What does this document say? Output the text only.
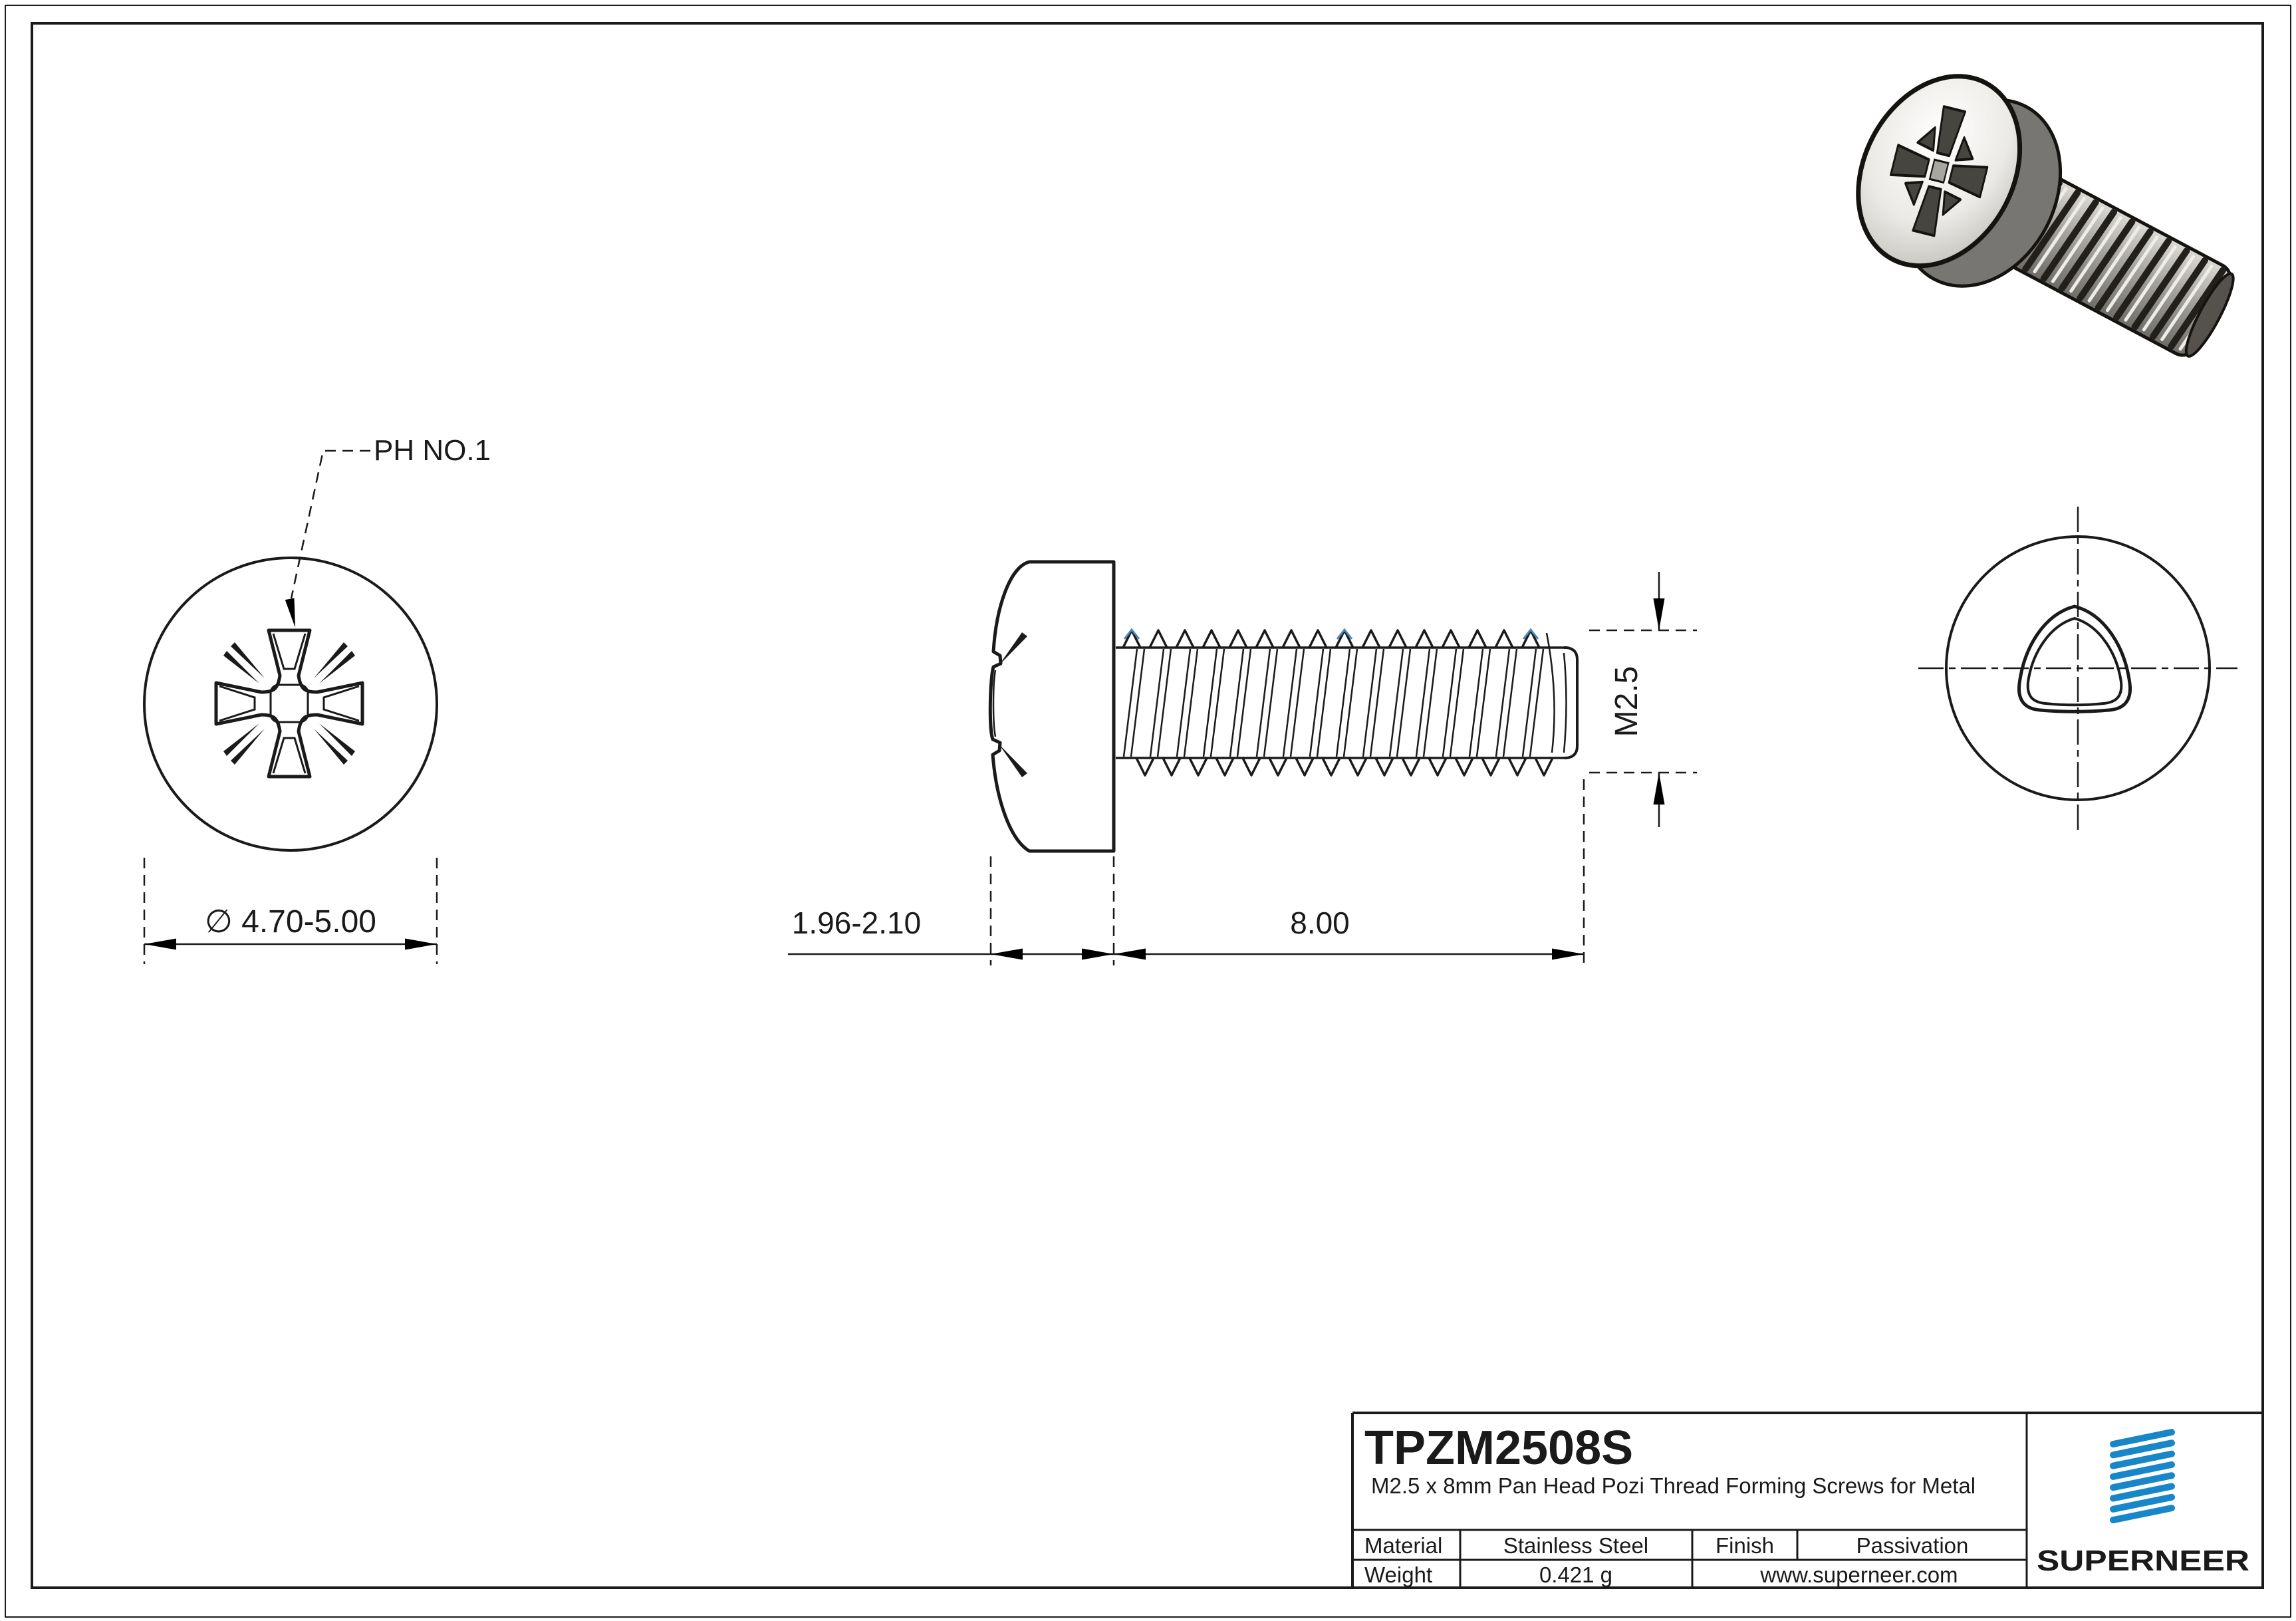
PH NO.1
∅ 4.70-5.00
M2.5
1.96-2.10	8.00
TPZM2508S
M2.5 x 8mm Pan Head Pozi Thread Forming Screws for Metal
Material	Stainless Steel	Finish	Passivation
Weight	0.421 g	www.superneer.com	SUPERNEER
